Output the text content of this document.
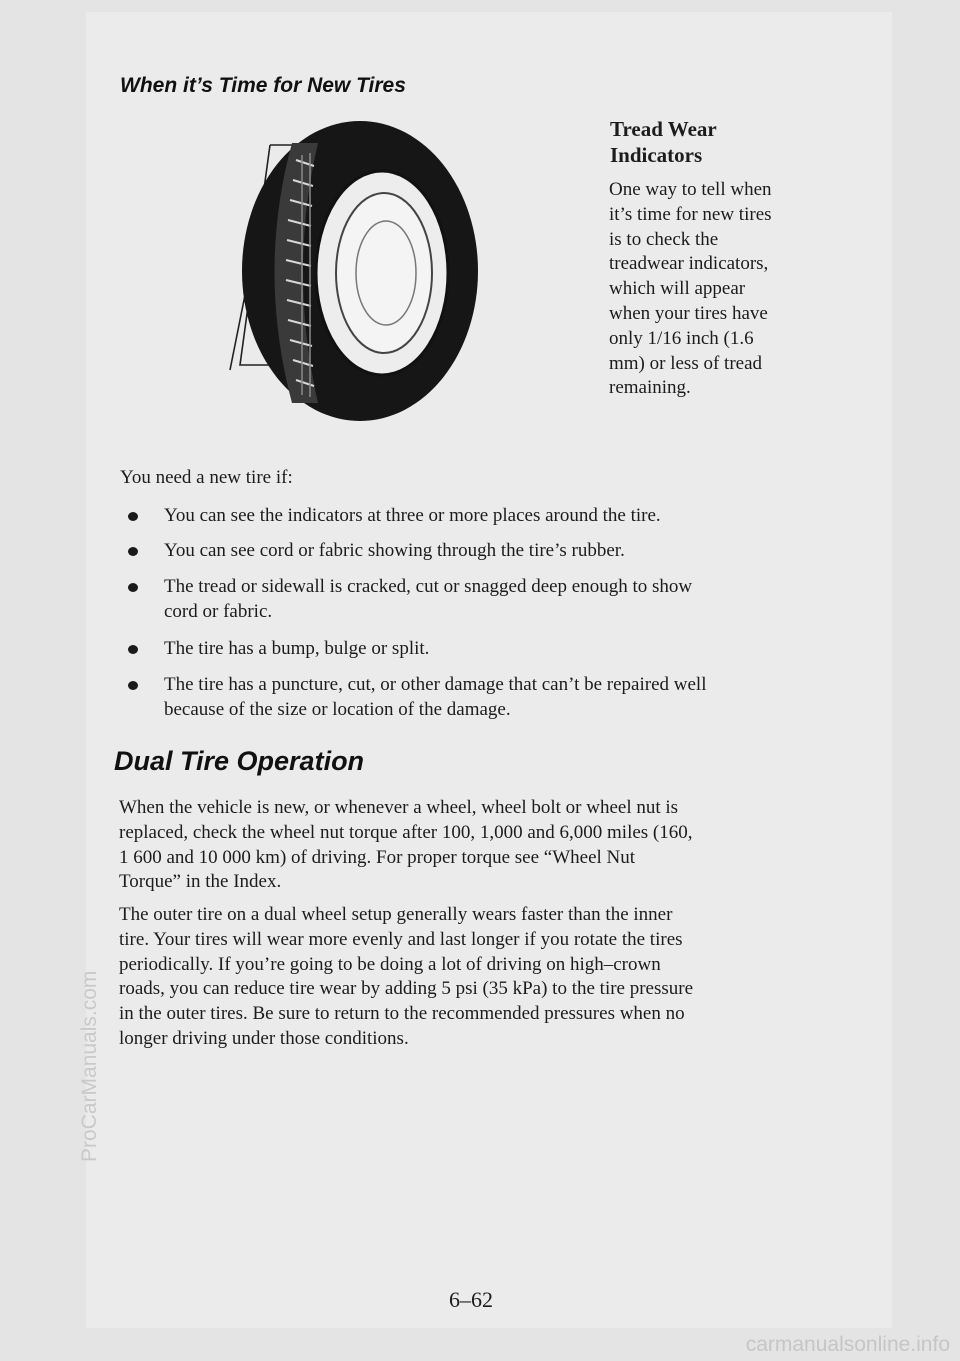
When it’s Time for New Tires
Tread Wear
Indicators
One way to tell when
it’s time for new tires
is to check the
treadwear indicators,
which will appear
when your tires have
only 1/16 inch (1.6
mm) or less of tread
remaining.
You need a new tire if:
You can see the indicators at three or more places around the tire.
You can see cord or fabric showing through the tire’s rubber.
The tread or sidewall is cracked, cut or snagged deep enough to show
cord or fabric.
The tire has a bump, bulge or split.
The tire has a puncture, cut, or other damage that can’t be repaired well
because of the size or location of the damage.
Dual Tire Operation
When the vehicle is new, or whenever a wheel, wheel bolt or wheel nut is
replaced, check the wheel nut torque after 100, 1,000 and 6,000 miles (160,
1 600 and 10 000 km) of driving. For proper torque see “Wheel Nut
Torque” in the Index.
The outer tire on a dual wheel setup generally wears faster than the inner
tire. Your tires will wear more evenly and last longer if you rotate the tires
periodically. If you’re going to be doing a lot of driving on high–crown
roads, you can reduce tire wear by adding 5 psi (35 kPa) to the tire pressure
in the outer tires. Be sure to return to the recommended pressures when no
longer driving under those conditions.
6–62
ProCarManuals.com
carmanualsonline.info
